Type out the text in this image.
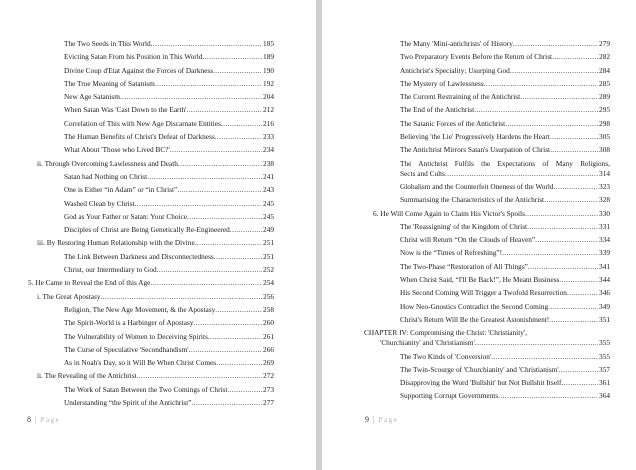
The Two Seeds in This World .....	185
Evicting Satan From his Position in This World .....	189
Divine Coup d'Etat Against the Forces of Darkness .....	190
The True Meaning of Satanism .....	192
New Age Satanism .....	204
When Satan Was 'Cast Down to the Earth' .....	212
Correlation of This with New Age Discarnate Entities .....	216
The Human Benefits of Christ's Defeat of Darkness .....	233
What About 'Those who Lived BC?' .....	234
ii. Through Overcoming Lawlessness and Death .....	238
Satan had Nothing on Christ .....	241
One is Either “in Adam” or “in Christ” .....	243
Washed Clean by Christ .....	245
God as Your Father or Satan: Your Choice .....	245
Disciples of Christ are Being Genetically Re-Engineered .....	249
iii. By Restoring Human Relationship with the Divine .....	251
The Link Between Darkness and Disconnectedness .....	251
Christ, our Intermediary to God .....	252
5. He Came to Reveal the End of this Age .....	254
i. The Great Apostasy .....	256
Religion, The New Age Movement, & the Apostasy .....	258
The Spirit-World is a Harbinger of Apostasy .....	260
The Vulnerability of Women to Deceiving Spirits .....	261
The Curse of Speculative 'Secondhandism' .....	266
As in Noah's Day, so it Will Be When Christ Comes .....	269
ii. The Revealing of the Antichrist .....	272
The Work of Satan Between the Two Comings of Christ .....	273
Understanding “the Spirit of the Antichrist” .....	277
8 | Page
The Many 'Mini-antichrists' of History .....	279
Two Preparatory Events Before the Return of Christ .....	282
Antichrist's Speciality: Usurping God .....	284
The Mystery of Lawlessness .....	285
The Current Restraining of the Antichrist .....	289
The End of the Antichrist .....	295
The Satanic Forces of the Antichrist .....	298
Believing 'the Lie' Progressively Hardens the Heart .....	305
The Antichrist Mirrors Satan's Usurpation of Christ .....	308
The Antichrist Fulfils the Expectations of Many Religions,
Sects and Cults .....	314
Globalism and the Counterfeit Oneness of the World .....	323
Summarising the Characteristics of the Antichrist .....	328
6. He Will Come Again to Claim His Victor's Spoils .....	330
The 'Reassigning' of the Kingdom of Christ .....	331
Christ will Return “On the Clouds of Heaven” .....	334
Now is the “Times of Refreshing”! .....	339
The Two-Phase “Restoration of All Things” .....	341
When Christ Said, “I'll Be Back!”, He Meant Business .....	344
His Second Coming Will Trigger a Twofold Resurrection .....	346
How Neo-Gnostics Contradict the Second Coming .....	349
Christ's Return Will Be the Greatest Astonishment! .....	351
CHAPTER IV: Compromising the Christ: 'Christianity',
'Churchianity' and 'Christianism' .....	355
The Two Kinds of 'Conversion' .....	355
The Twin-Scourge of 'Churchianity' and 'Christianism' .....	357
Disapproving the Word 'Bullshit' but Not Bullshit Itself .....	361
Supporting Corrupt Governments .....	364
9 | Page
